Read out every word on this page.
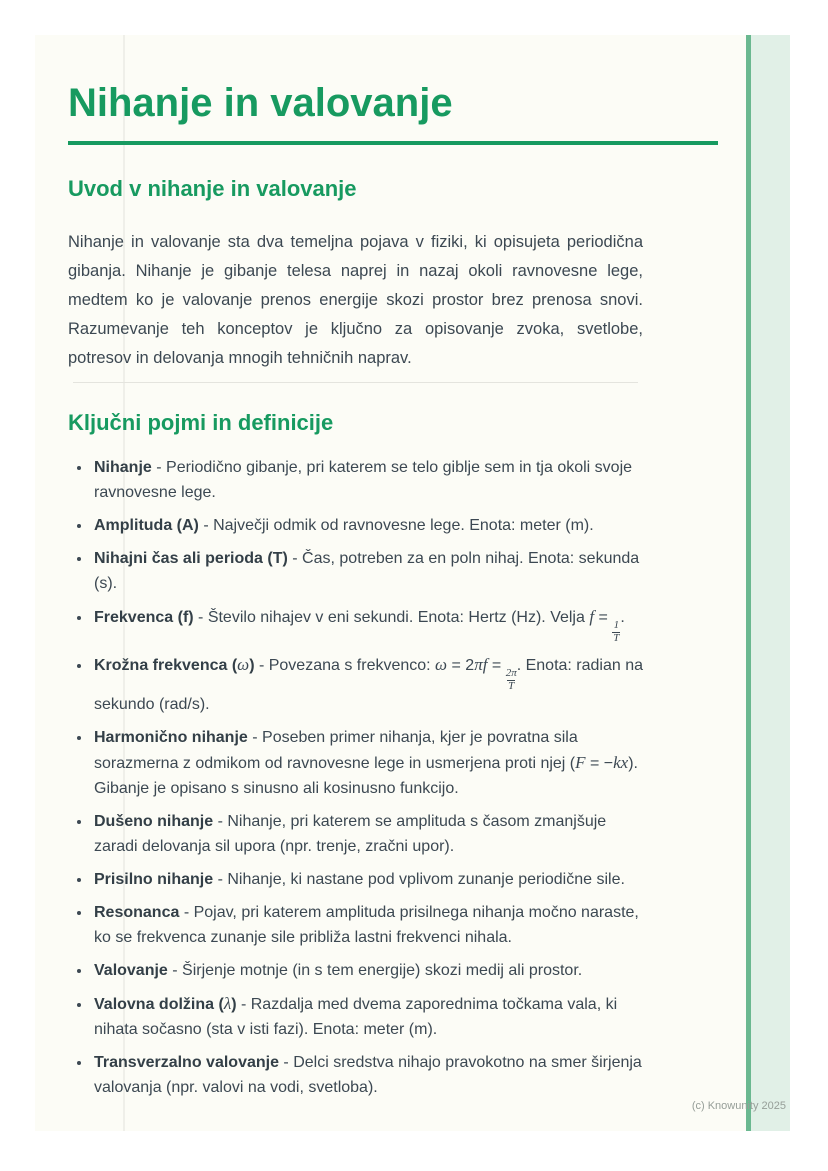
Nihanje in valovanje
Uvod v nihanje in valovanje

Nihanje in valovanje sta dva temeljna pojava v fiziki, ki opisujeta periodična gibanja. Nihanje je gibanje telesa naprej in nazaj okoli ravnovesne lege, medtem ko je valovanje prenos energije skozi prostor brez prenosa snovi. Razumevanje teh konceptov je ključno za opisovanje zvoka, svetlobe, potresov in delovanja mnogih tehničnih naprav.

Ključni pojmi in definicije
• Nihanje - Periodično gibanje, pri katerem se telo giblje sem in tja okoli svoje ravnovesne lege.
• Amplituda (A) - Največji odmik od ravnovesne lege. Enota: meter (m).
• Nihajni čas ali perioda (T) - Čas, potreben za en poln nihaj. Enota: sekunda (s).
• Frekvenca (f) - Število nihajev v eni sekundi. Enota: Hertz (Hz). Velja f =
$\frac{1}{T}$
.
• Krožna frekvenca (ω) - Povezana s frekvenco: ω = 2πf =
$\frac{2\pi}{T}$
. Enota: radian na sekundo (rad/s).
• Harmonično nihanje - Poseben primer nihanja, kjer je povratna sila sorazmerna z odmikom od ravnovesne lege in usmerjena proti njej (F = −kx). Gibanje je opisano s sinusno ali kosinusno funkcijo.
• Dušeno nihanje - Nihanje, pri katerem se amplituda s časom zmanjšuje zaradi delovanja sil upora (npr. trenje, zračni upor).
• Prisilno nihanje - Nihanje, ki nastane pod vplivom zunanje periodične sile.
• Resonanca - Pojav, pri katerem amplituda prisilnega nihanja močno naraste, ko se frekvenca zunanje sile približa lastni frekvenci nihala.
• Valovanje - Širjenje motnje (in s tem energije) skozi medij ali prostor.
• Valovna dolžina (λ) - Razdalja med dvema zaporednima točkama vala, ki nihata sočasno (sta v isti fazi). Enota: meter (m).
• Transverzalno valovanje - Delci sredstva nihajo pravokotno na smer širjenja valovanja (npr. valovi na vodi, svetloba).
(c) Knowunity 2025
